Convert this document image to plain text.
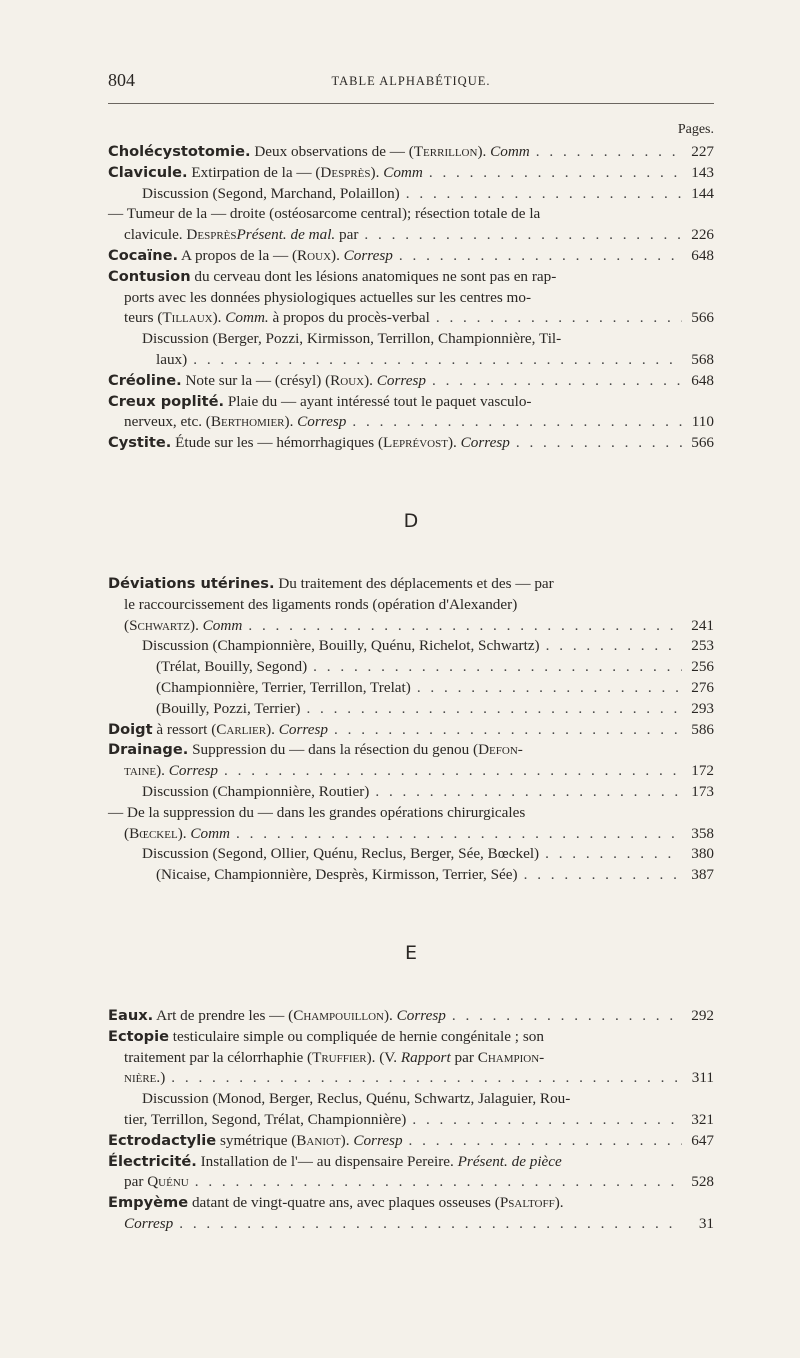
804	TABLE ALPHABÉTIQUE.
Pages.
Cholécystotomie. Deux observations de — (Terrillon). Comm . . .	227
Clavicule. Extirpation de la — (Desprès). Comm . . .	143
Discussion (Segond, Marchand, Polaillon) . . .	144
— Tumeur de la — droite (ostéosarcome central); résection totale de la
clavicule. DesprèsPrésent. de mal. par . . .	226
Cocaïne. A propos de la — (Roux). Corresp . . .	648
Contusion du cerveau dont les lésions anatomiques ne sont pas en rap-
ports avec les données physiologiques actuelles sur les centres mo-
teurs (Tillaux). Comm. à propos du procès-verbal . . .	566
Discussion (Berger, Pozzi, Kirmisson, Terrillon, Championnière, Til-
laux) . . .	568
Créoline. Note sur la — (crésyl) (Roux). Corresp . . .	648
Creux poplité. Plaie du — ayant intéressé tout le paquet vasculo-
nerveux, etc. (Berthomier). Corresp . . .	110
Cystite. Étude sur les — hémorrhagiques (Leprévost). Corresp . . .	566
D
Déviations utérines. Du traitement des déplacements et des — par
le raccourcissement des ligaments ronds (opération d'Alexander)
(Schwartz). Comm . . .	241
Discussion (Championnière, Bouilly, Quénu, Richelot, Schwartz) . . .	253
(Trélat, Bouilly, Segond) . . .	256
(Championnière, Terrier, Terrillon, Trelat) . . .	276
(Bouilly, Pozzi, Terrier) . . .	293
Doigt à ressort (Carlier). Corresp . . .	586
Drainage. Suppression du — dans la résection du genou (Defon-
taine). Corresp . . .	172
Discussion (Championnière, Routier) . . .	173
— De la suppression du — dans les grandes opérations chirurgicales
(Bœckel). Comm . . .	358
Discussion (Segond, Ollier, Quénu, Reclus, Berger, Sée, Bœckel) . . .	380
(Nicaise, Championnière, Desprès, Kirmisson, Terrier, Sée) . . .	387
E
Eaux. Art de prendre les — (Champouillon). Corresp . . .	292
Ectopie testiculaire simple ou compliquée de hernie congénitale ; son
traitement par la célorrhaphie (Truffier). (V. Rapport par Champion-
nière.) . . .	311
Discussion (Monod, Berger, Reclus, Quénu, Schwartz, Jalaguier, Rou-
tier, Terrillon, Segond, Trélat, Championnière) . . .	321
Ectrodactylie symétrique (Baniot). Corresp . . .	647
Électricité. Installation de l'— au dispensaire Pereire. Présent. de pièce
par Quénu . . .	528
Empyème datant de vingt-quatre ans, avec plaques osseuses (Psaltoff).
Corresp . . .	31
